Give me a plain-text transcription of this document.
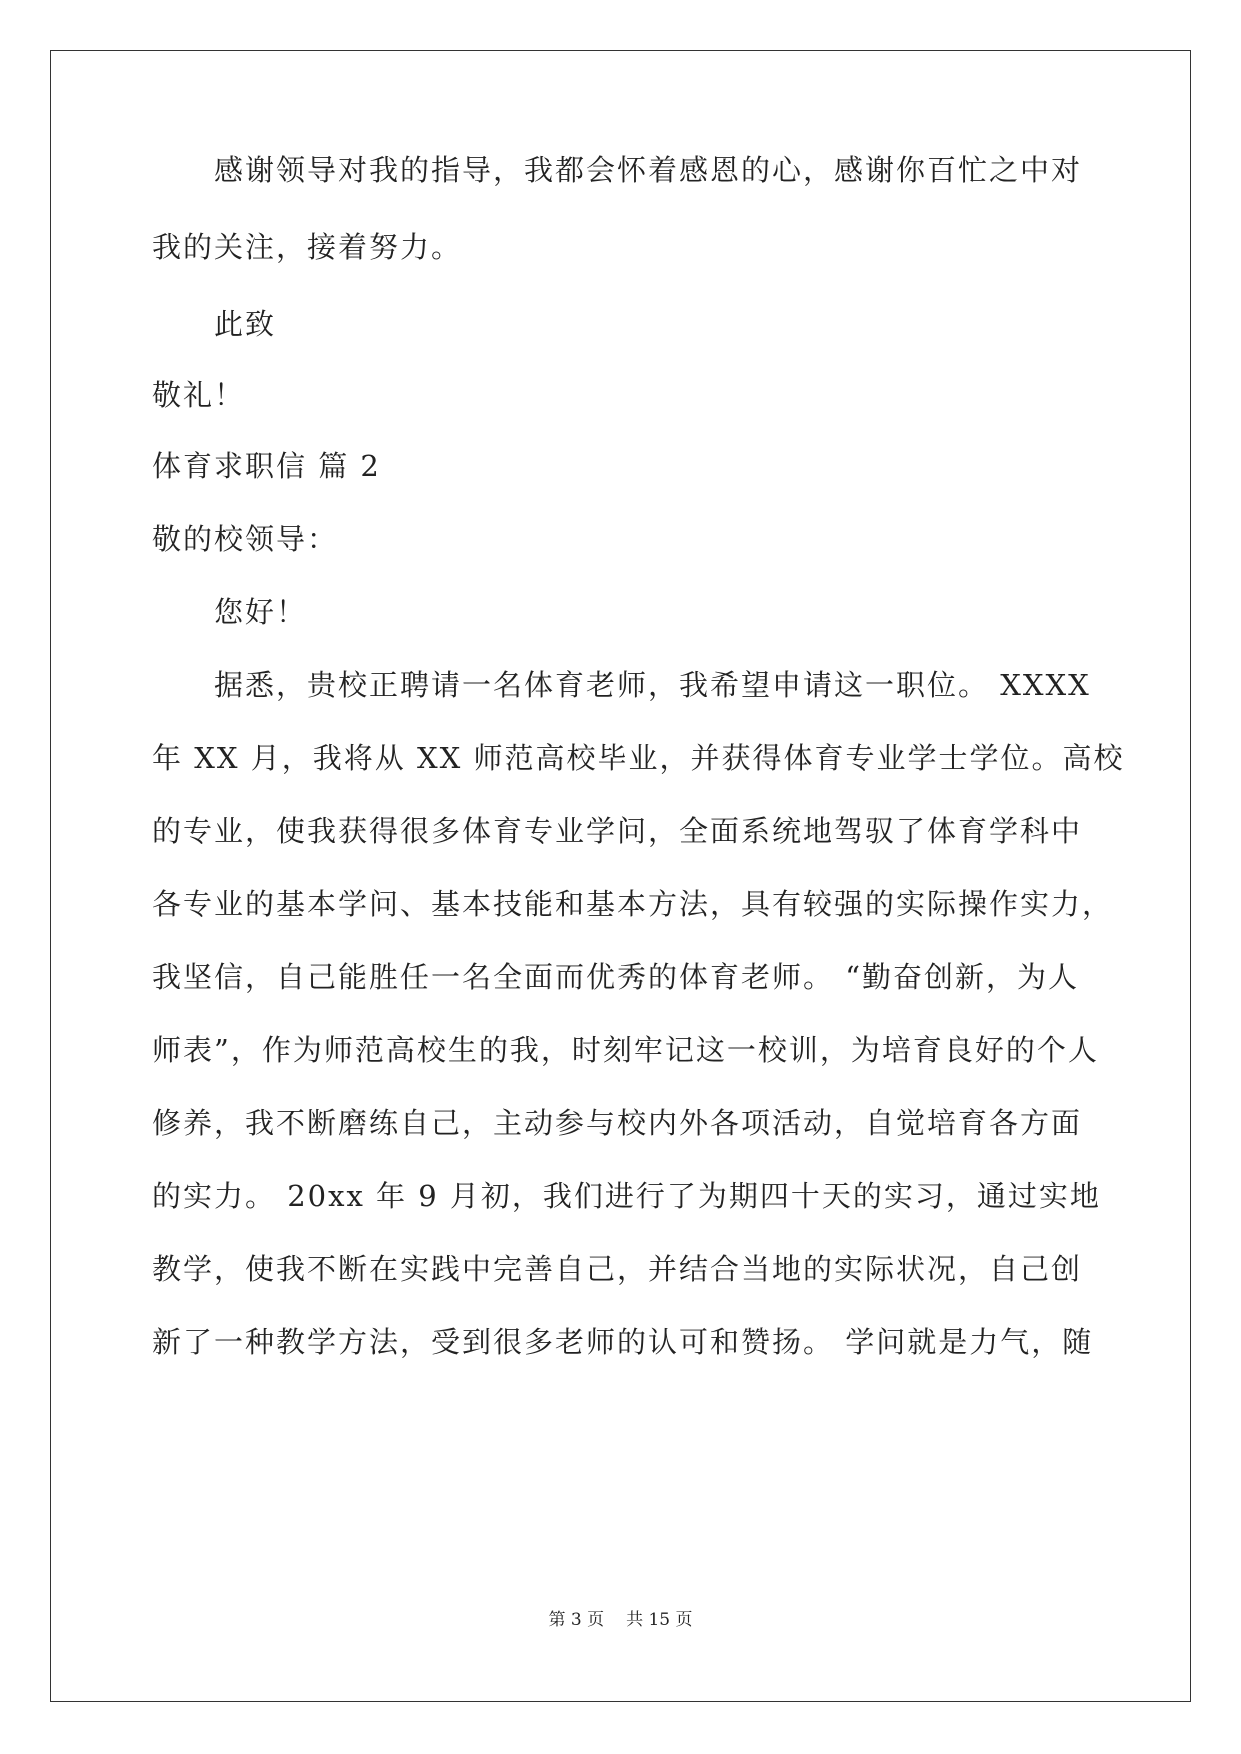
感谢领导对我的指导，我都会怀着感恩的心，感谢你百忙之中对
我的关注，接着努力。
此致
敬礼！
体育求职信 篇 2
敬的校领导：
您好！
据悉，贵校正聘请一名体育老师，我希望申请这一职位。 XXXX
年 XX 月，我将从 XX 师范高校毕业，并获得体育专业学士学位。高校
的专业，使我获得很多体育专业学问，全面系统地驾驭了体育学科中
各专业的基本学问、基本技能和基本方法，具有较强的实际操作实力，
我坚信，自己能胜任一名全面而优秀的体育老师。 “勤奋创新，为人
师表”，作为师范高校生的我，时刻牢记这一校训，为培育良好的个人
修养，我不断磨练自己，主动参与校内外各项活动，自觉培育各方面
的实力。 20xx 年 9 月初，我们进行了为期四十天的实习，通过实地
教学，使我不断在实践中完善自己，并结合当地的实际状况，自己创
新了一种教学方法，受到很多老师的认可和赞扬。 学问就是力气，随
第 3 页 共 15 页
